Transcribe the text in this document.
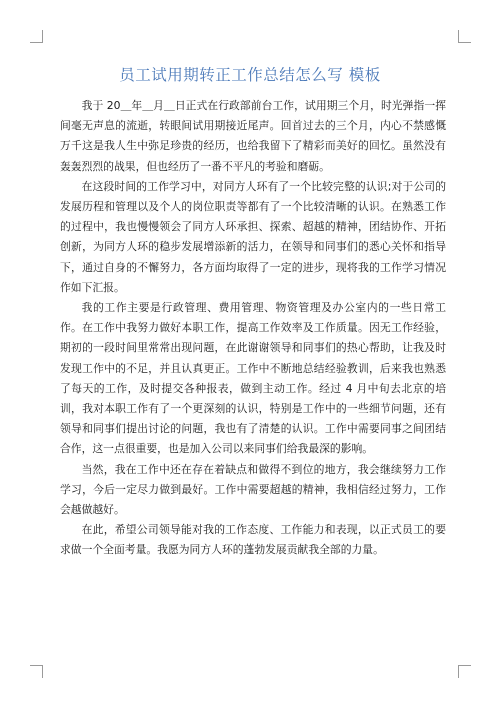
员工试用期转正工作总结怎么写 模板

我于 20＿年＿月＿日正式在行政部前台工作，试用期三个月，时光弹指一挥间毫无声息的流逝，转眼间试用期接近尾声。回首过去的三个月，内心不禁感慨万千这是我人生中弥足珍贵的经历，也给我留下了精彩而美好的回忆。虽然没有轰轰烈烈的战果，但也经历了一番不平凡的考验和磨砺。

在这段时间的工作学习中，对同方人环有了一个比较完整的认识;对于公司的发展历程和管理以及个人的岗位职责等都有了一个比较清晰的认识。在熟悉工作的过程中，我也慢慢领会了同方人环承担、探索、超越的精神，团结协作、开拓创新，为同方人环的稳步发展增添新的活力，在领导和同事们的悉心关怀和指导下，通过自身的不懈努力，各方面均取得了一定的进步，现将我的工作学习情况作如下汇报。

我的工作主要是行政管理、费用管理、物资管理及办公室内的一些日常工作。在工作中我努力做好本职工作，提高工作效率及工作质量。因无工作经验，期初的一段时间里常常出现问题，在此谢谢领导和同事们的热心帮助，让我及时发现工作中的不足，并且认真更正。工作中不断地总结经验教训，后来我也熟悉了每天的工作，及时提交各种报表，做到主动工作。经过 4 月中旬去北京的培训，我对本职工作有了一个更深刻的认识，特别是工作中的一些细节问题，还有领导和同事们提出讨论的问题，我也有了清楚的认识。工作中需要同事之间团结合作，这一点很重要，也是加入公司以来同事们给我最深的影响。

当然，我在工作中还在存在着缺点和做得不到位的地方，我会继续努力工作学习，今后一定尽力做到最好。工作中需要超越的精神，我相信经过努力，工作会越做越好。

在此，希望公司领导能对我的工作态度、工作能力和表现，以正式员工的要求做一个全面考量。我愿为同方人环的蓬勃发展贡献我全部的力量。
